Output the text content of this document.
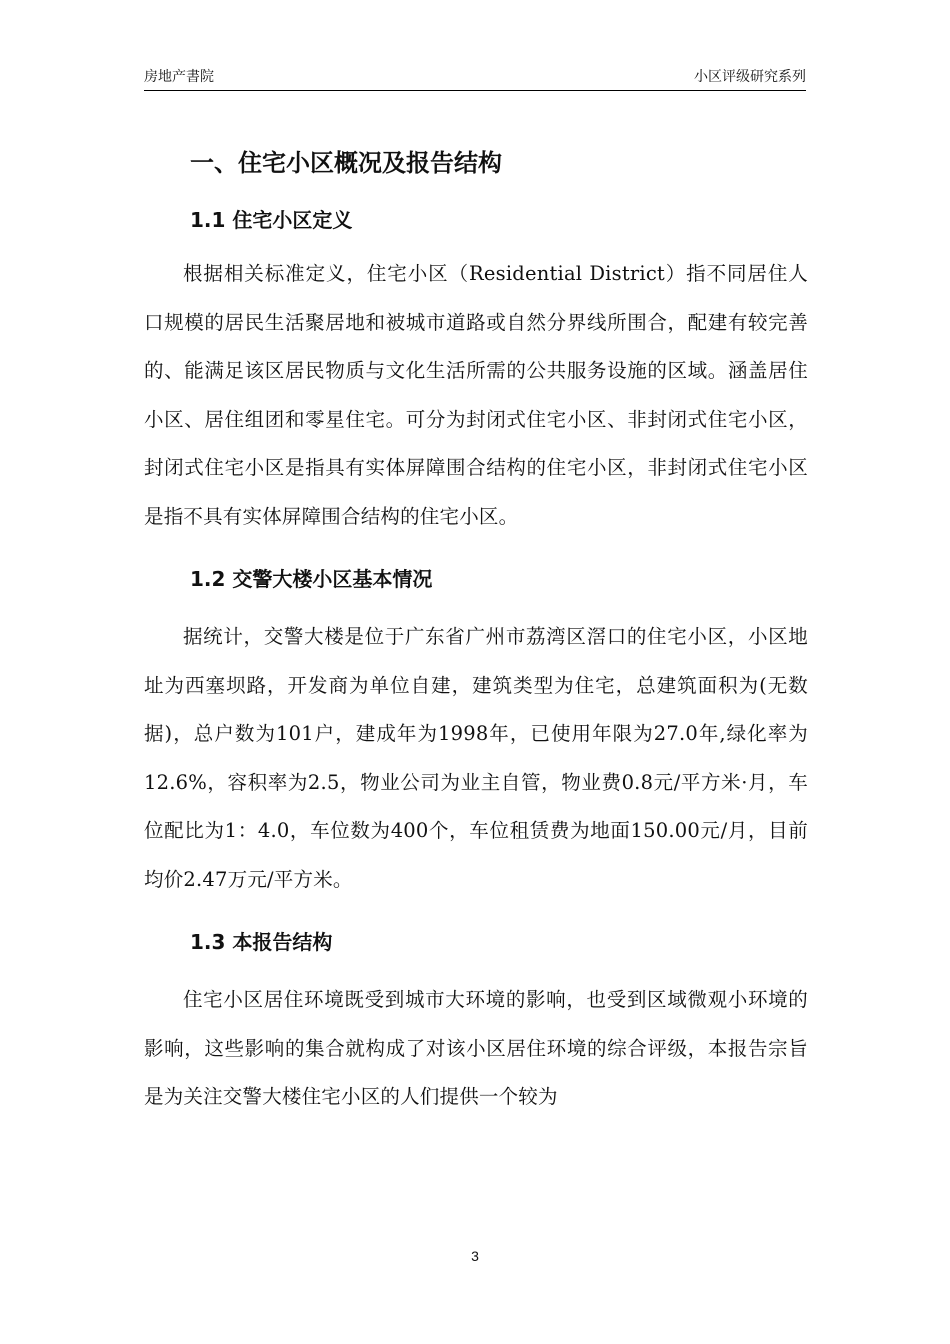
房地产書院	小区评级研究系列
一、住宅小区概况及报告结构
1.1 住宅小区定义

根据相关标准定义，住宅小区（Residential District）指不同居住人口规模的居民生活聚居地和被城市道路或自然分界线所围合，配建有较完善的、能满足该区居民物质与文化生活所需的公共服务设施的区域。涵盖居住小区、居住组团和零星住宅。可分为封闭式住宅小区、非封闭式住宅小区，封闭式住宅小区是指具有实体屏障围合结构的住宅小区，非封闭式住宅小区是指不具有实体屏障围合结构的住宅小区。

1.2 交警大楼小区基本情况

据统计，交警大楼是位于广东省广州市荔湾区滘口的住宅小区，小区地址为西塞坝路，开发商为单位自建，建筑类型为住宅，总建筑面积为(无数据)，总户数为101户，建成年为1998年，已使用年限为27.0年,绿化率为12.6%，容积率为2.5，物业公司为业主自管，物业费0.8元/平方米·月，车位配比为1：4.0，车位数为400个，车位租赁费为地面150.00元/月，目前均价2.47万元/平方米。

1.3 本报告结构

住宅小区居住环境既受到城市大环境的影响，也受到区域微观小环境的影响，这些影响的集合就构成了对该小区居住环境的综合评级，本报告宗旨是为关注交警大楼住宅小区的人们提供一个较为

3
